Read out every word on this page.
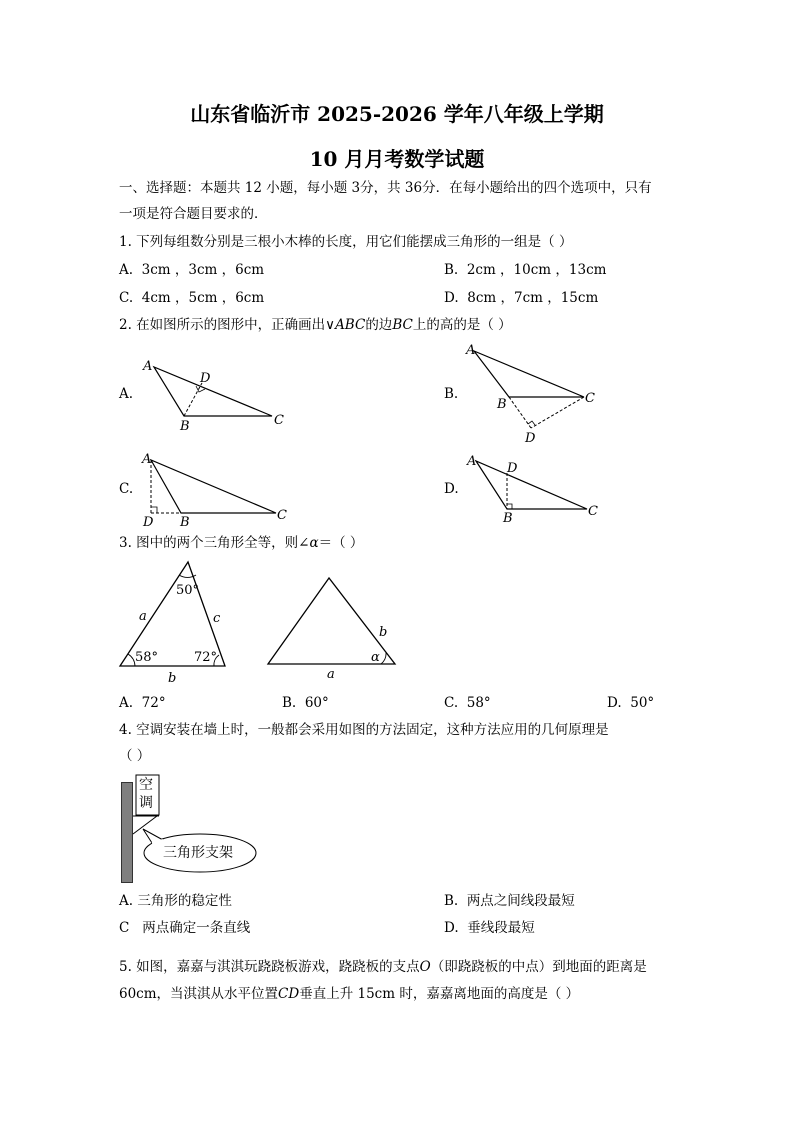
山东省临沂市 2025-2026 学年八年级上学期
10 月月考数学试题
一、选择题：本题共 12 小题，每小题 3分，共 36分．在每小题给出的四个选项中，只有
一项是符合题目要求的．
1. 下列每组数分别是三根小木棒的长度，用它们能摆成三角形的一组是（ ）
A. 3cm ，3cm ，6cm	B. 2cm ，10cm ，13cm
C. 4cm ，5cm ，6cm	D. 8cm ，7cm ，15cm
2. 在如图所示的图形中，正确画出∨ABC的边BC上的高的是（ ）
A.	B.
C.	D.
A
D
B	C
A
B	C
D
A
D B	C
A D
B	C
3. 图中的两个三角形全等，则∠α＝（ ）
50°
58°	72°
a
b
c
b
a
α
A. 72°	B. 60°	C. 58°	D. 50°
4. 空调安装在墙上时，一般都会采用如图的方法固定，这种方法应用的几何原理是
（ ）
空
调
三角形支架
A. 三角形的稳定性	B. 两点之间线段最短
C 两点确定一条直线	D. 垂线段最短
5. 如图，嘉嘉与淇淇玩跷跷板游戏，跷跷板的支点O（即跷跷板的中点）到地面的距离是
60cm，当淇淇从水平位置CD垂直上升 15cm 时，嘉嘉离地面的高度是（ ）
